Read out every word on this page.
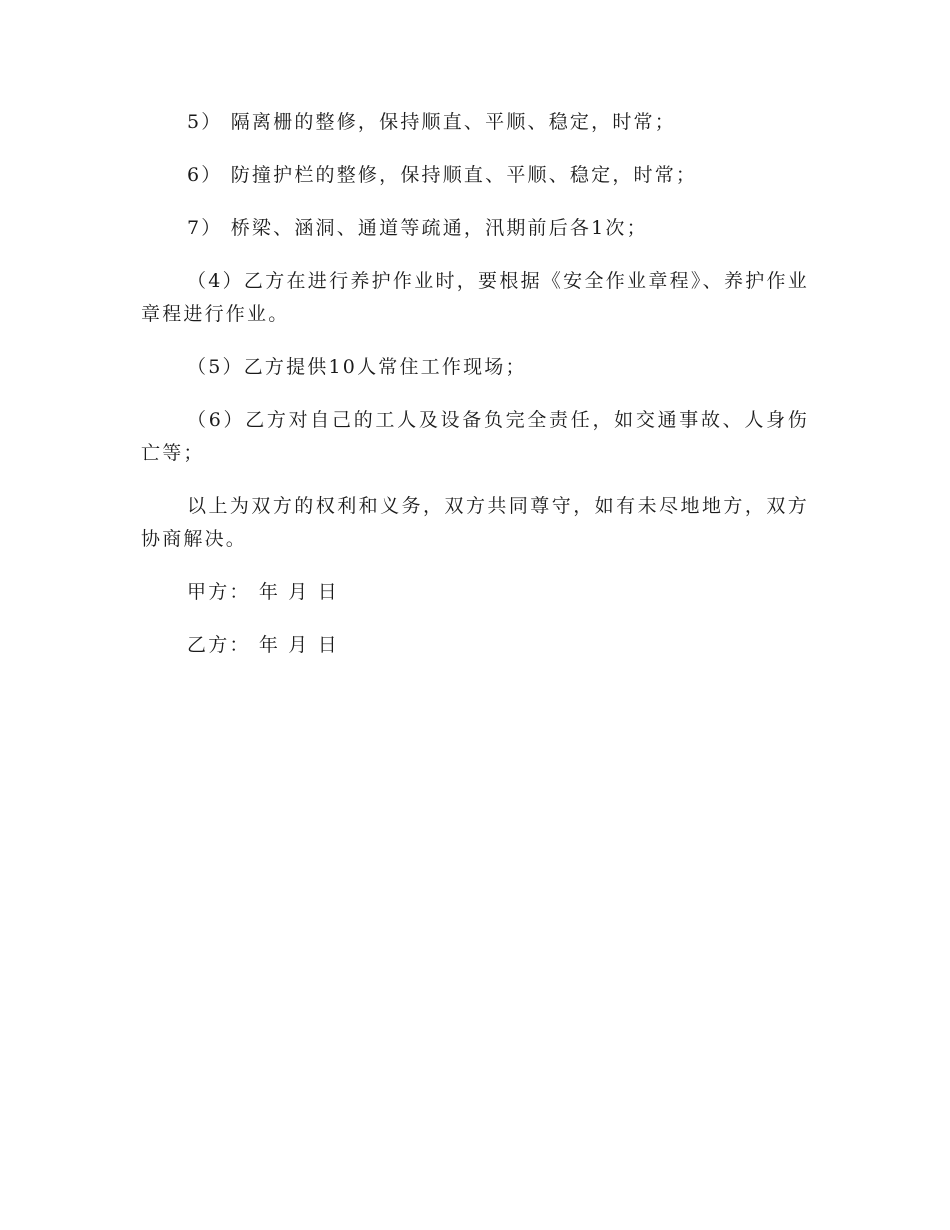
5） 隔离栅的整修，保持顺直、平顺、稳定，时常；

6） 防撞护栏的整修，保持顺直、平顺、稳定，时常；

7） 桥梁、涵洞、通道等疏通，汛期前后各1次；

（4）乙方在进行养护作业时，要根据《安全作业章程》、养护作业章程进行作业。

（5）乙方提供10人常住工作现场；

（6）乙方对自己的工人及设备负完全责任，如交通事故、人身伤亡等；

以上为双方的权利和义务，双方共同尊守，如有未尽地地方，双方协商解决。

甲方： 年 月 日

乙方： 年 月 日
